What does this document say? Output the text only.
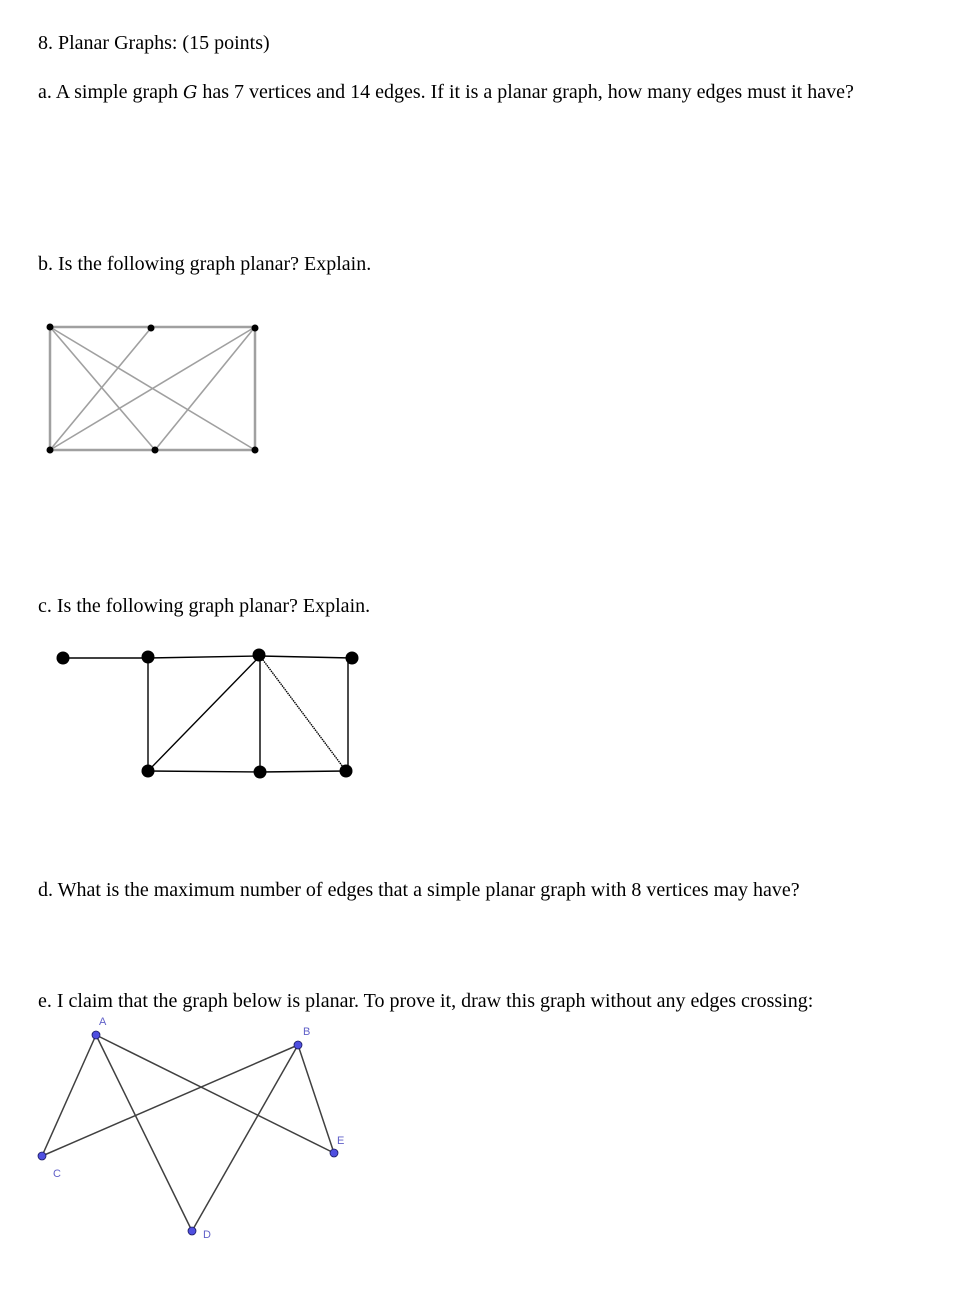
8. Planar Graphs: (15 points)
a. A simple graph G has 7 vertices and 14 edges. If it is a planar graph, how many edges must it have?
b. Is the following graph planar? Explain.
c. Is the following graph planar? Explain.
d. What is the maximum number of edges that a simple planar graph with 8 vertices may have?
e. I claim that the graph below is planar. To prove it, draw this graph without any edges crossing:
A
B
C
D
E
